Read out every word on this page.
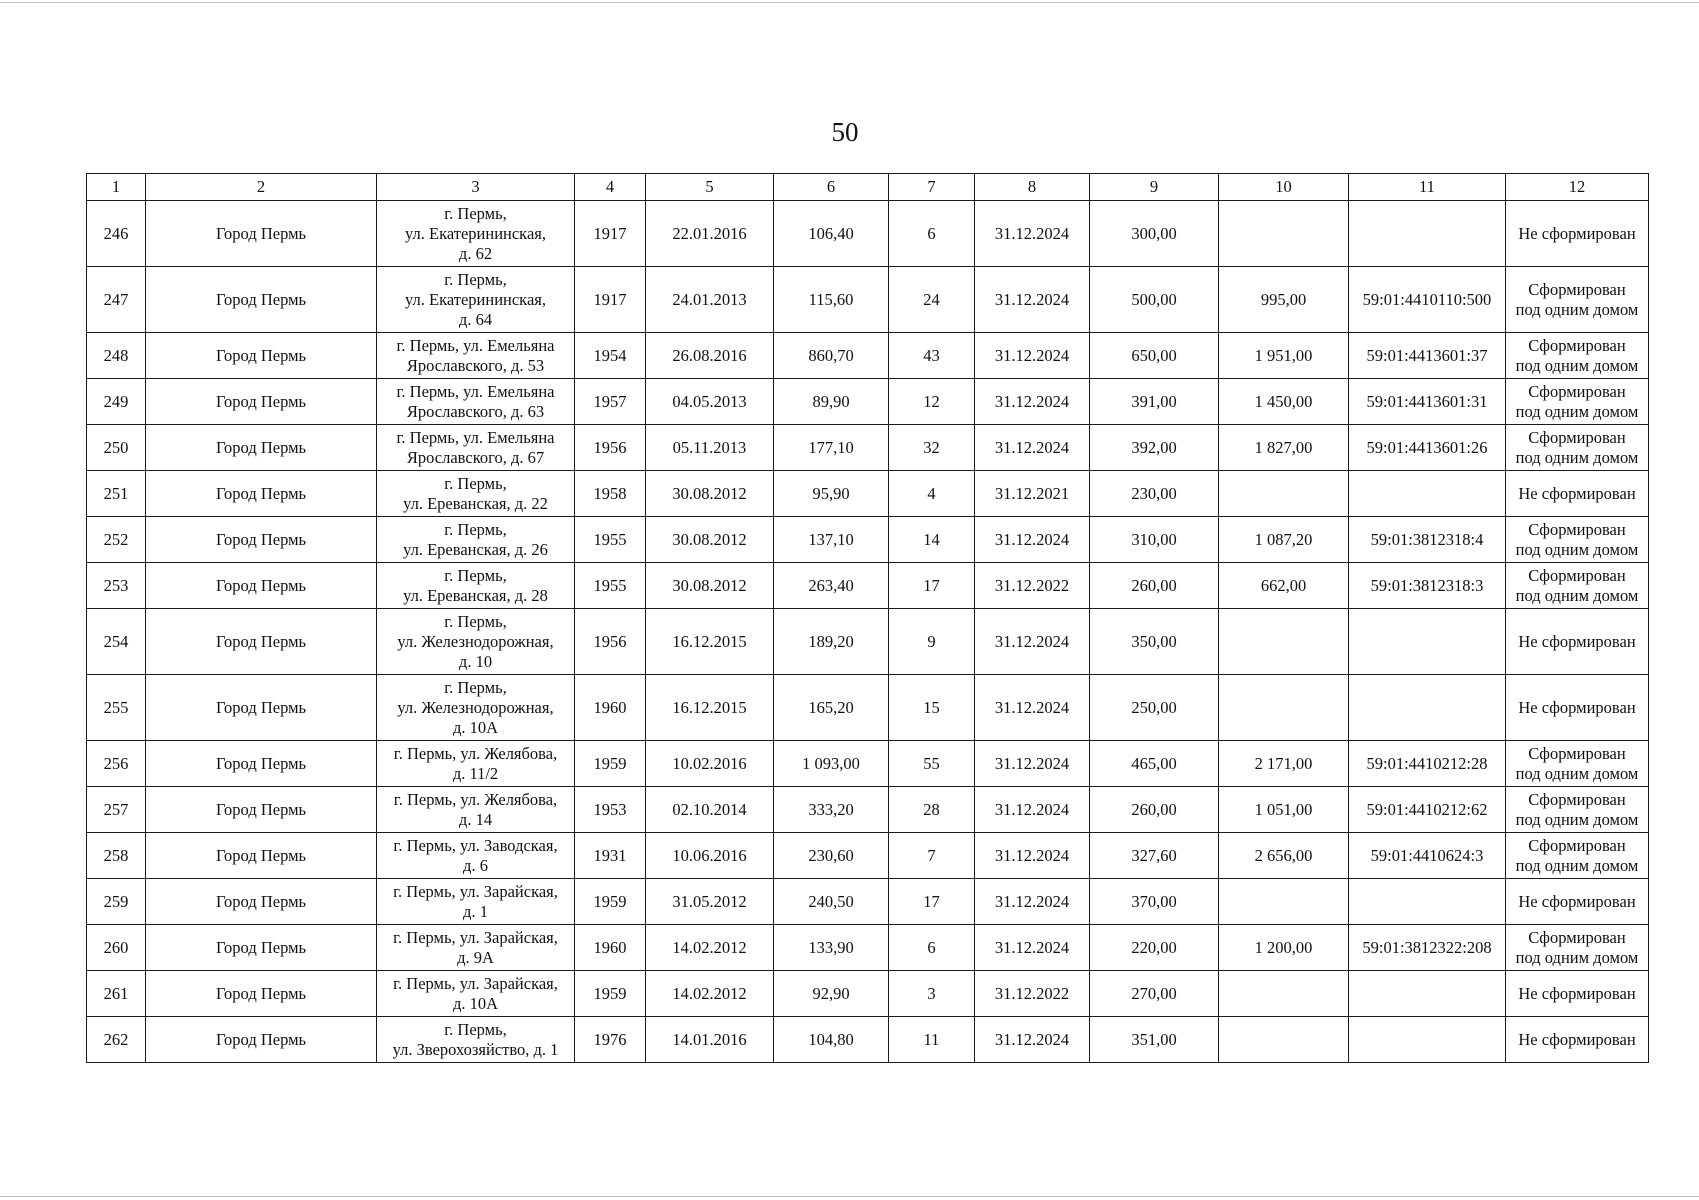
50
1	2	3	4	5	6	7	8	9	10	11	12
246	Город Пермь	г. Пермь,
ул. Екатерининская,
д. 62	1917	22.01.2016	106,40	6	31.12.2024	300,00			Не сформирован
247	Город Пермь	г. Пермь,
ул. Екатерининская,
д. 64	1917	24.01.2013	115,60	24	31.12.2024	500,00	995,00	59:01:4410110:500	Сформирован
под одним домом
248	Город Пермь	г. Пермь, ул. Емельяна
Ярославского, д. 53	1954	26.08.2016	860,70	43	31.12.2024	650,00	1 951,00	59:01:4413601:37	Сформирован
под одним домом
249	Город Пермь	г. Пермь, ул. Емельяна
Ярославского, д. 63	1957	04.05.2013	89,90	12	31.12.2024	391,00	1 450,00	59:01:4413601:31	Сформирован
под одним домом
250	Город Пермь	г. Пермь, ул. Емельяна
Ярославского, д. 67	1956	05.11.2013	177,10	32	31.12.2024	392,00	1 827,00	59:01:4413601:26	Сформирован
под одним домом
251	Город Пермь	г. Пермь,
ул. Ереванская, д. 22	1958	30.08.2012	95,90	4	31.12.2021	230,00			Не сформирован
252	Город Пермь	г. Пермь,
ул. Ереванская, д. 26	1955	30.08.2012	137,10	14	31.12.2024	310,00	1 087,20	59:01:3812318:4	Сформирован
под одним домом
253	Город Пермь	г. Пермь,
ул. Ереванская, д. 28	1955	30.08.2012	263,40	17	31.12.2022	260,00	662,00	59:01:3812318:3	Сформирован
под одним домом
254	Город Пермь	г. Пермь,
ул. Железнодорожная,
д. 10	1956	16.12.2015	189,20	9	31.12.2024	350,00			Не сформирован
255	Город Пермь	г. Пермь,
ул. Железнодорожная,
д. 10А	1960	16.12.2015	165,20	15	31.12.2024	250,00			Не сформирован
256	Город Пермь	г. Пермь, ул. Желябова,
д. 11/2	1959	10.02.2016	1 093,00	55	31.12.2024	465,00	2 171,00	59:01:4410212:28	Сформирован
под одним домом
257	Город Пермь	г. Пермь, ул. Желябова,
д. 14	1953	02.10.2014	333,20	28	31.12.2024	260,00	1 051,00	59:01:4410212:62	Сформирован
под одним домом
258	Город Пермь	г. Пермь, ул. Заводская,
д. 6	1931	10.06.2016	230,60	7	31.12.2024	327,60	2 656,00	59:01:4410624:3	Сформирован
под одним домом
259	Город Пермь	г. Пермь, ул. Зарайская,
д. 1	1959	31.05.2012	240,50	17	31.12.2024	370,00			Не сформирован
260	Город Пермь	г. Пермь, ул. Зарайская,
д. 9А	1960	14.02.2012	133,90	6	31.12.2024	220,00	1 200,00	59:01:3812322:208	Сформирован
под одним домом
261	Город Пермь	г. Пермь, ул. Зарайская,
д. 10А	1959	14.02.2012	92,90	3	31.12.2022	270,00			Не сформирован
262	Город Пермь	г. Пермь,
ул. Зверохозяйство, д. 1	1976	14.01.2016	104,80	11	31.12.2024	351,00			Не сформирован
